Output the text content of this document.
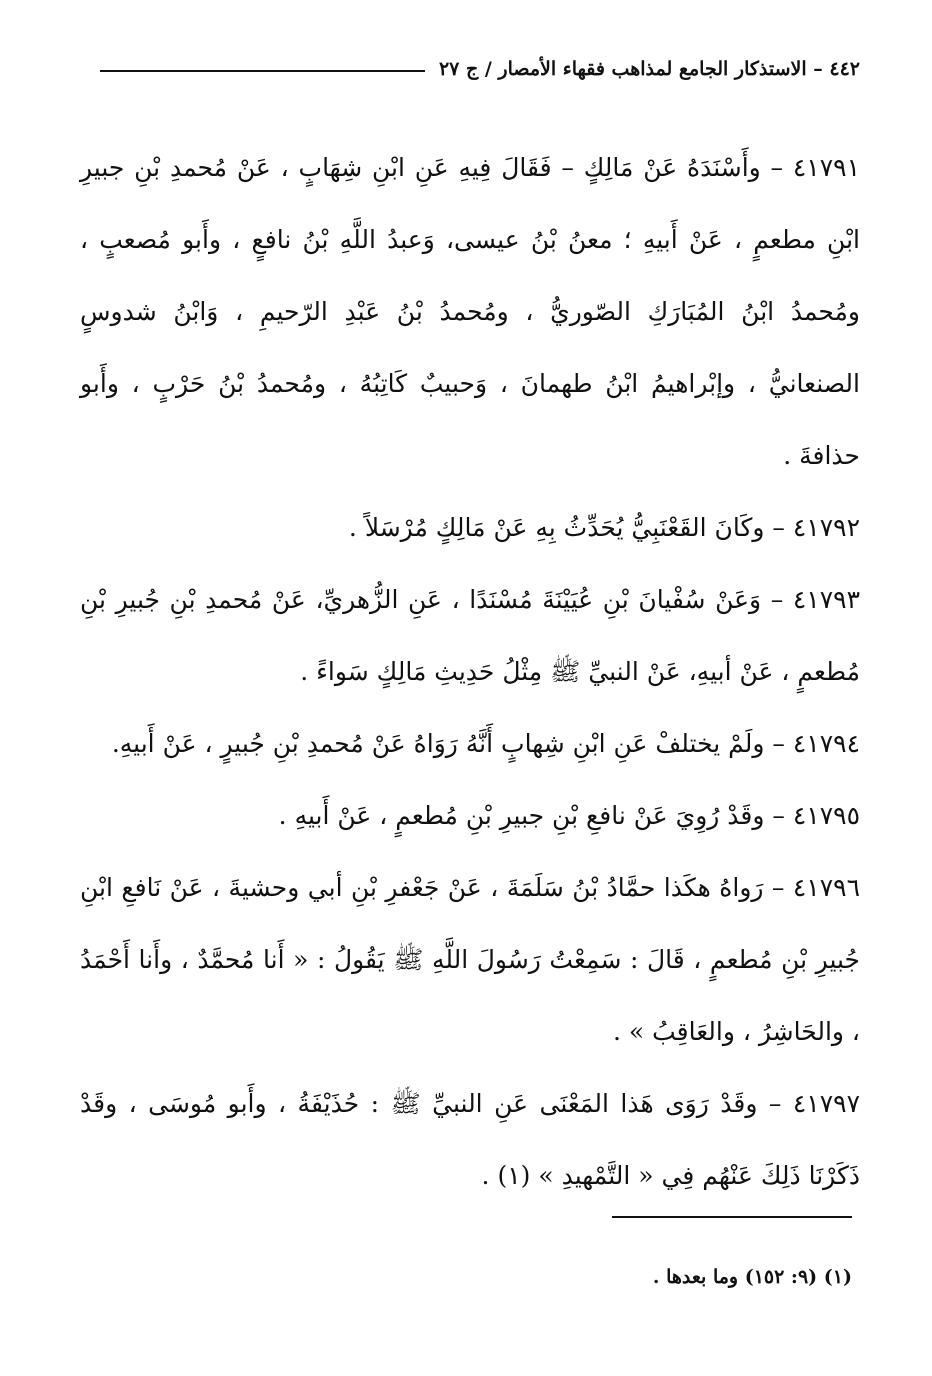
٤٤٢ – الاستذكار الجامع لمذاهب فقهاء الأمصار / ج ٢٧

٤١٧٩١ – وأَسْنَدَهُ عَنْ مَالِكٍ – فَقَالَ فِيهِ عَنِ ابْنِ شِهَابٍ ، عَنْ مُحمدِ بْنِ جبيرِ ابْنِ مطعمٍ ، عَنْ أَبيهِ ؛ معنُ بْنُ عيسى، وَعبدُ اللَّهِ بْنُ نافعٍ ، وأَبو مُصعبٍ ، ومُحمدُ ابْنُ المُبَارَكِ الصّوريُّ ، ومُحمدُ بْنُ عَبْدِ الرّحيمِ ، وَابْنُ شدوسٍ الصنعانيُّ ، وإبْراهيمُ ابْنُ طهمانَ ، وَحبيبٌ كَاتِبُهُ ، ومُحمدُ بْنُ حَرْبٍ ، وأَبو حذافةَ .

٤١٧٩٢ – وكَانَ القَعْنَبِيُّ يُحَدِّثُ بِهِ عَنْ مَالِكٍ مُرْسَلاً .

٤١٧٩٣ – وَعَنْ سُفْيانَ بْنِ عُيَيْنَةَ مُسْنَدًا ، عَنِ الزُّهريِّ، عَنْ مُحمدِ بْنِ جُبيرِ بْنِ مُطعمٍ ، عَنْ أبيهِ، عَنْ النبيِّ ﷺ مِثْلُ حَدِيثِ مَالِكٍ سَواءً .

٤١٧٩٤ – ولَمْ يختلفْ عَنِ ابْنِ شِهابٍ أَنَّهُ رَوَاهُ عَنْ مُحمدِ بْنِ جُبيرٍ ، عَنْ أَبيهِ.

٤١٧٩٥ – وقَدْ رُوِيَ عَنْ نافعِ بْنِ جبيرِ بْنِ مُطعمٍ ، عَنْ أَبيهِ .

٤١٧٩٦ – رَواهُ هكَذا حمَّادُ بْنُ سَلَمَةَ ، عَنْ جَعْفرِ بْنِ أبي وحشيةَ ، عَنْ نَافعِ ابْنِ جُبيرِ بْنِ مُطعمٍ ، قَالَ : سَمِعْتُ رَسُولَ اللَّهِ ﷺ يَقُولُ : « أَنا مُحمَّدٌ ، وأَنا أَحْمَدُ ، والحَاشِرُ ، والعَاقِبُ » .

٤١٧٩٧ – وقَدْ رَوَى هَذا المَعْنَى عَنِ النبيِّ ﷺ : حُذَيْفَةُ ، وأَبو مُوسَى ، وقَدْ ذَكَرْنَا ذَلِكَ عَنْهُم فِي « التَّمْهيدِ » (١) .

(١) (٩: ١٥٢) وما بعدها .
